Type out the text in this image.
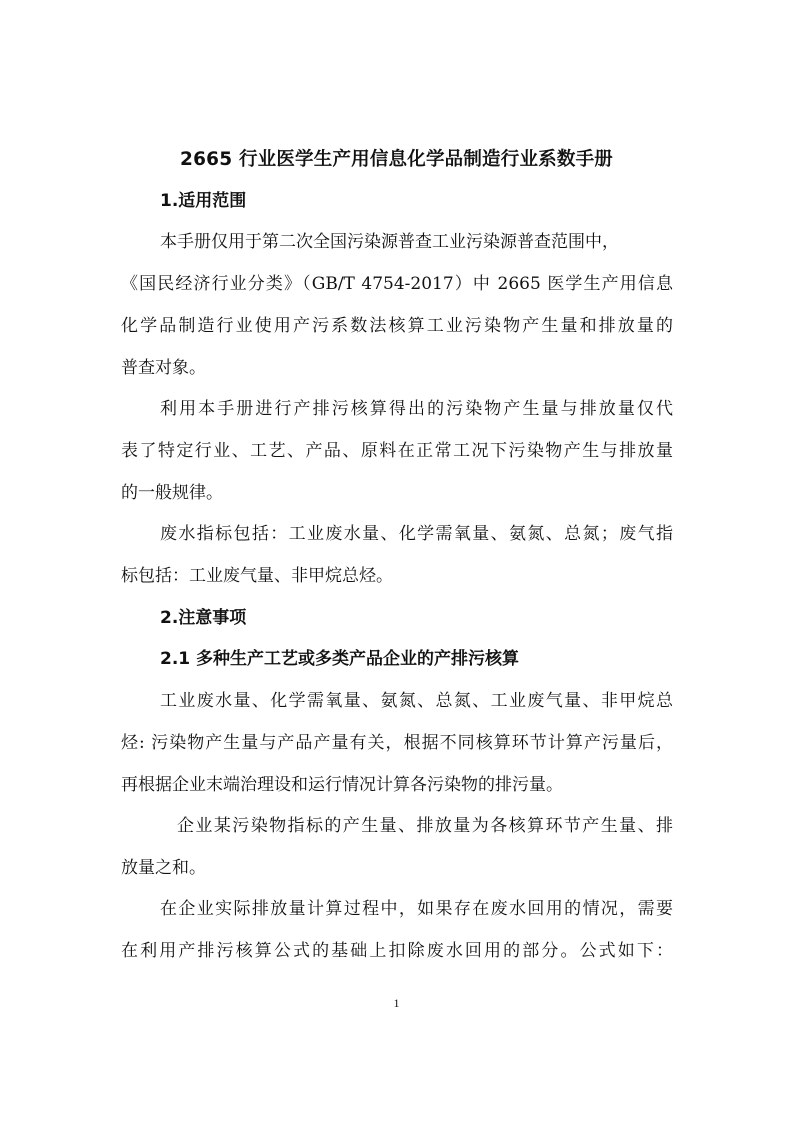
2665 行业医学生产用信息化学品制造行业系数手册
1.适用范围
本手册仅用于第二次全国污染源普查工业污染源普查范围中，
《国民经济行业分类》（GB/T 4754-2017）中 2665 医学生产用信息
化学品制造行业使用产污系数法核算工业污染物产生量和排放量的
普查对象。
利用本手册进行产排污核算得出的污染物产生量与排放量仅代
表了特定行业、工艺、产品、原料在正常工况下污染物产生与排放量
的一般规律。
废水指标包括：工业废水量、化学需氧量、氨氮、总氮；废气指
标包括：工业废气量、非甲烷总烃。
2.注意事项
2.1 多种生产工艺或多类产品企业的产排污核算
工业废水量、化学需氧量、氨氮、总氮、工业废气量、非甲烷总
烃: 污染物产生量与产品产量有关，根据不同核算环节计算产污量后，
再根据企业末端治理设和运行情况计算各污染物的排污量。
企业某污染物指标的产生量、排放量为各核算环节产生量、排
放量之和。
在企业实际排放量计算过程中，如果存在废水回用的情况，需要
在利用产排污核算公式的基础上扣除废水回用的部分。公式如下：
1
